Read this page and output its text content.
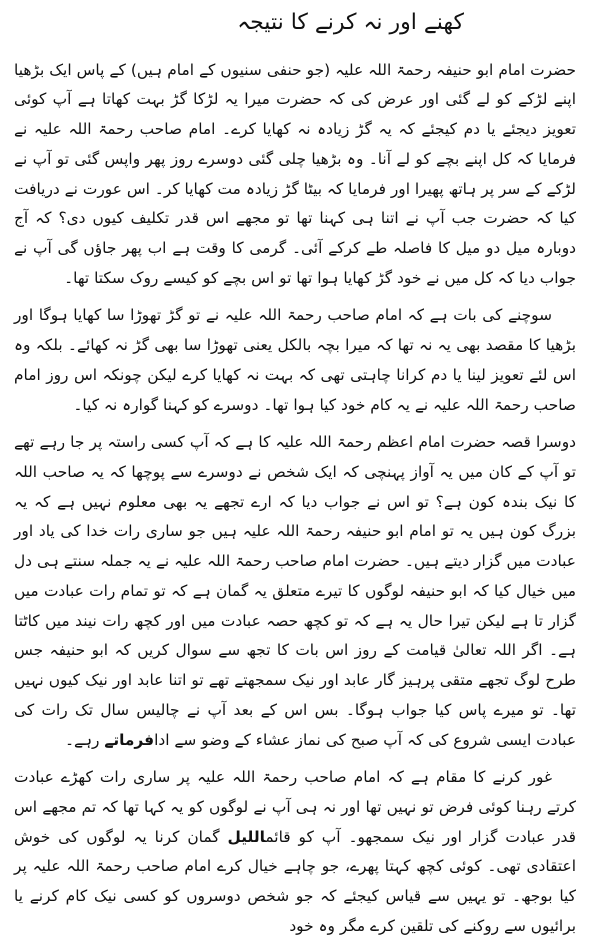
کھنے اور نہ کرنے کا نتیجہ

حضرت امام ابو حنیفہ رحمۃ اللہ علیہ (جو حنفی سنیوں کے امام ہیں) کے پاس ایک بڑھیا اپنے لڑکے کو لے گئی اور عرض کی کہ حضرت میرا یہ لڑکا گڑ بہت کھاتا ہے آپ کوئی تعویز دیجئے یا دم کیجئے کہ یہ گڑ زیادہ نہ کھایا کرے۔ امام صاحب رحمۃ اللہ علیہ نے فرمایا کہ کل اپنے بچے کو لے آنا۔ وہ بڑھیا چلی گئی دوسرے روز پھر واپس گئی تو آپ نے لڑکے کے سر پر ہاتھ پھیرا اور فرمایا کہ بیٹا گڑ زیادہ مت کھایا کر۔ اس عورت نے دریافت کیا کہ حضرت جب آپ نے اتنا ہی کہنا تھا تو مجھے اس قدر تکلیف کیوں دی؟ کہ آج دوبارہ میل دو میل کا فاصلہ طے کرکے آئی۔ گرمی کا وقت ہے اب پھر جاؤں گی آپ نے جواب دیا کہ کل میں نے خود گڑ کھایا ہوا تھا تو اس بچے کو کیسے روک سکتا تھا۔

سوچنے کی بات ہے کہ امام صاحب رحمۃ اللہ علیہ نے تو گڑ تھوڑا سا کھایا ہوگا اور بڑھیا کا مقصد بھی یہ نہ تھا کہ میرا بچہ بالکل یعنی تھوڑا سا بھی گڑ نہ کھائے۔ بلکہ وہ اس لئے تعویز لینا یا دم کرانا چاہتی تھی کہ بہت نہ کھایا کرے لیکن چونکہ اس روز امام صاحب رحمۃ اللہ علیہ نے یہ کام خود کیا ہوا تھا۔ دوسرے کو کہنا گوارہ نہ کیا۔

دوسرا قصہ حضرت امام اعظم رحمۃ اللہ علیہ کا ہے کہ آپ کسی راستہ پر جا رہے تھے تو آپ کے کان میں یہ آواز پہنچی کہ ایک شخص نے دوسرے سے پوچھا کہ یہ صاحب اللہ کا نیک بندہ کون ہے؟ تو اس نے جواب دیا کہ ارے تجھے یہ بھی معلوم نہیں ہے کہ یہ بزرگ کون ہیں یہ تو امام ابو حنیفہ رحمۃ اللہ علیہ ہیں جو ساری رات خدا کی یاد اور عبادت میں گزار دیتے ہیں۔ حضرت امام صاحب رحمۃ اللہ علیہ نے یہ جملہ سنتے ہی دل میں خیال کیا کہ ابو حنیفہ لوگوں کا تیرے متعلق یہ گمان ہے کہ تو تمام رات عبادت میں گزار تا ہے لیکن تیرا حال یہ ہے کہ تو کچھ حصہ عبادت میں اور کچھ رات نیند میں کاٹتا ہے۔ اگر اللہ تعالیٰ قیامت کے روز اس بات کا تجھ سے سوال کریں کہ ابو حنیفہ جس طرح لوگ تجھے متقی پرہیز گار عابد اور نیک سمجھتے تھے تو اتنا عابد اور نیک کیوں نہیں تھا۔ تو میرے پاس کیا جواب ہوگا۔ بس اس کے بعد آپ نے چالیس سال تک رات کی عبادت ایسی شروع کی کہ آپ صبح کی نماز عشاء کے وضو سے ادافرماتے رہے۔

غور کرنے کا مقام ہے کہ امام صاحب رحمۃ اللہ علیہ پر ساری رات کھڑے عبادت کرتے رہنا کوئی فرض تو نہیں تھا اور نہ ہی آپ نے لوگوں کو یہ کہا تھا کہ تم مجھے اس قدر عبادت گزار اور نیک سمجھو۔ آپ کو قائماللیل گمان کرنا یہ لوگوں کی خوش اعتقادی تھی۔ کوئی کچھ کہتا پھرے، جو چاہے خیال کرے امام صاحب رحمۃ اللہ علیہ پر کیا بوجھ۔ تو یہیں سے قیاس کیجئے کہ جو شخص دوسروں کو کسی نیک کام کرنے یا برائیوں سے روکنے کی تلقین کرے مگر وہ خود
